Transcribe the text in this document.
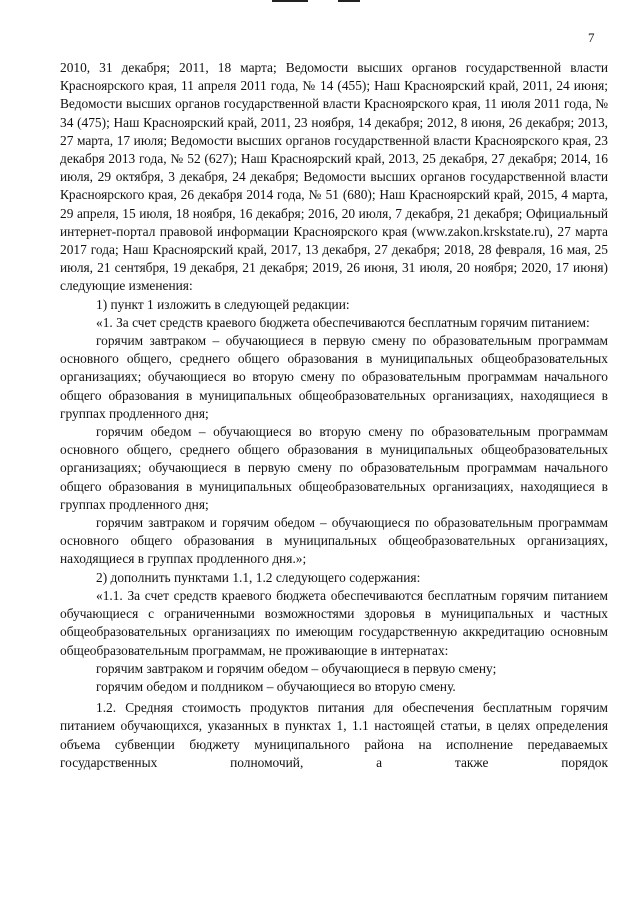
7

2010, 31 декабря; 2011, 18 марта; Ведомости высших органов государственной власти Красноярского края, 11 апреля 2011 года, № 14 (455); Наш Красноярский край, 2011, 24 июня; Ведомости высших органов государственной власти Красноярского края, 11 июля 2011 года, № 34 (475); Наш Красноярский край, 2011, 23 ноября, 14 декабря; 2012, 8 июня, 26 декабря; 2013, 27 марта, 17 июля; Ведомости высших органов государственной власти Красноярского края, 23 декабря 2013 года, № 52 (627); Наш Красноярский край, 2013, 25 декабря, 27 декабря; 2014, 16 июля, 29 октября, 3 декабря, 24 декабря; Ведомости высших органов государственной власти Красноярского края, 26 декабря 2014 года, № 51 (680); Наш Красноярский край, 2015, 4 марта, 29 апреля, 15 июля, 18 ноября, 16 декабря; 2016, 20 июля, 7 декабря, 21 декабря; Официальный интернет-портал правовой информации Красноярского края (www.zakon.krskstate.ru), 27 марта 2017 года; Наш Красноярский край, 2017, 13 декабря, 27 декабря; 2018, 28 февраля, 16 мая, 25 июля, 21 сентября, 19 декабря, 21 декабря; 2019, 26 июня, 31 июля, 20 ноября; 2020, 17 июня) следующие изменения:

1) пункт 1 изложить в следующей редакции:

«1. За счет средств краевого бюджета обеспечиваются бесплатным горячим питанием:

горячим завтраком – обучающиеся в первую смену по образовательным программам основного общего, среднего общего образования в муниципальных общеобразовательных организациях; обучающиеся во вторую смену по образовательным программам начального общего образования в муниципальных общеобразовательных организациях, находящиеся в группах продленного дня;

горячим обедом – обучающиеся во вторую смену по образовательным программам основного общего, среднего общего образования в муниципальных общеобразовательных организациях; обучающиеся в первую смену по образовательным программам начального общего образования в муниципальных общеобразовательных организациях, находящиеся в группах продленного дня;

горячим завтраком и горячим обедом – обучающиеся по образовательным программам основного общего образования в муниципальных общеобразовательных организациях, находящиеся в группах продленного дня.»;

2) дополнить пунктами 1.1, 1.2 следующего содержания:

«1.1. За счет средств краевого бюджета обеспечиваются бесплатным горячим питанием обучающиеся с ограниченными возможностями здоровья в муниципальных и частных общеобразовательных организациях по имеющим государственную аккредитацию основным общеобразовательным программам, не проживающие в интернатах:

горячим завтраком и горячим обедом – обучающиеся в первую смену;

горячим обедом и полдником – обучающиеся во вторую смену.

1.2. Средняя стоимость продуктов питания для обеспечения бесплатным горячим питанием обучающихся, указанных в пунктах 1, 1.1 настоящей статьи, в целях определения объема субвенции бюджету муниципального района на исполнение передаваемых государственных полномочий, а также порядок
